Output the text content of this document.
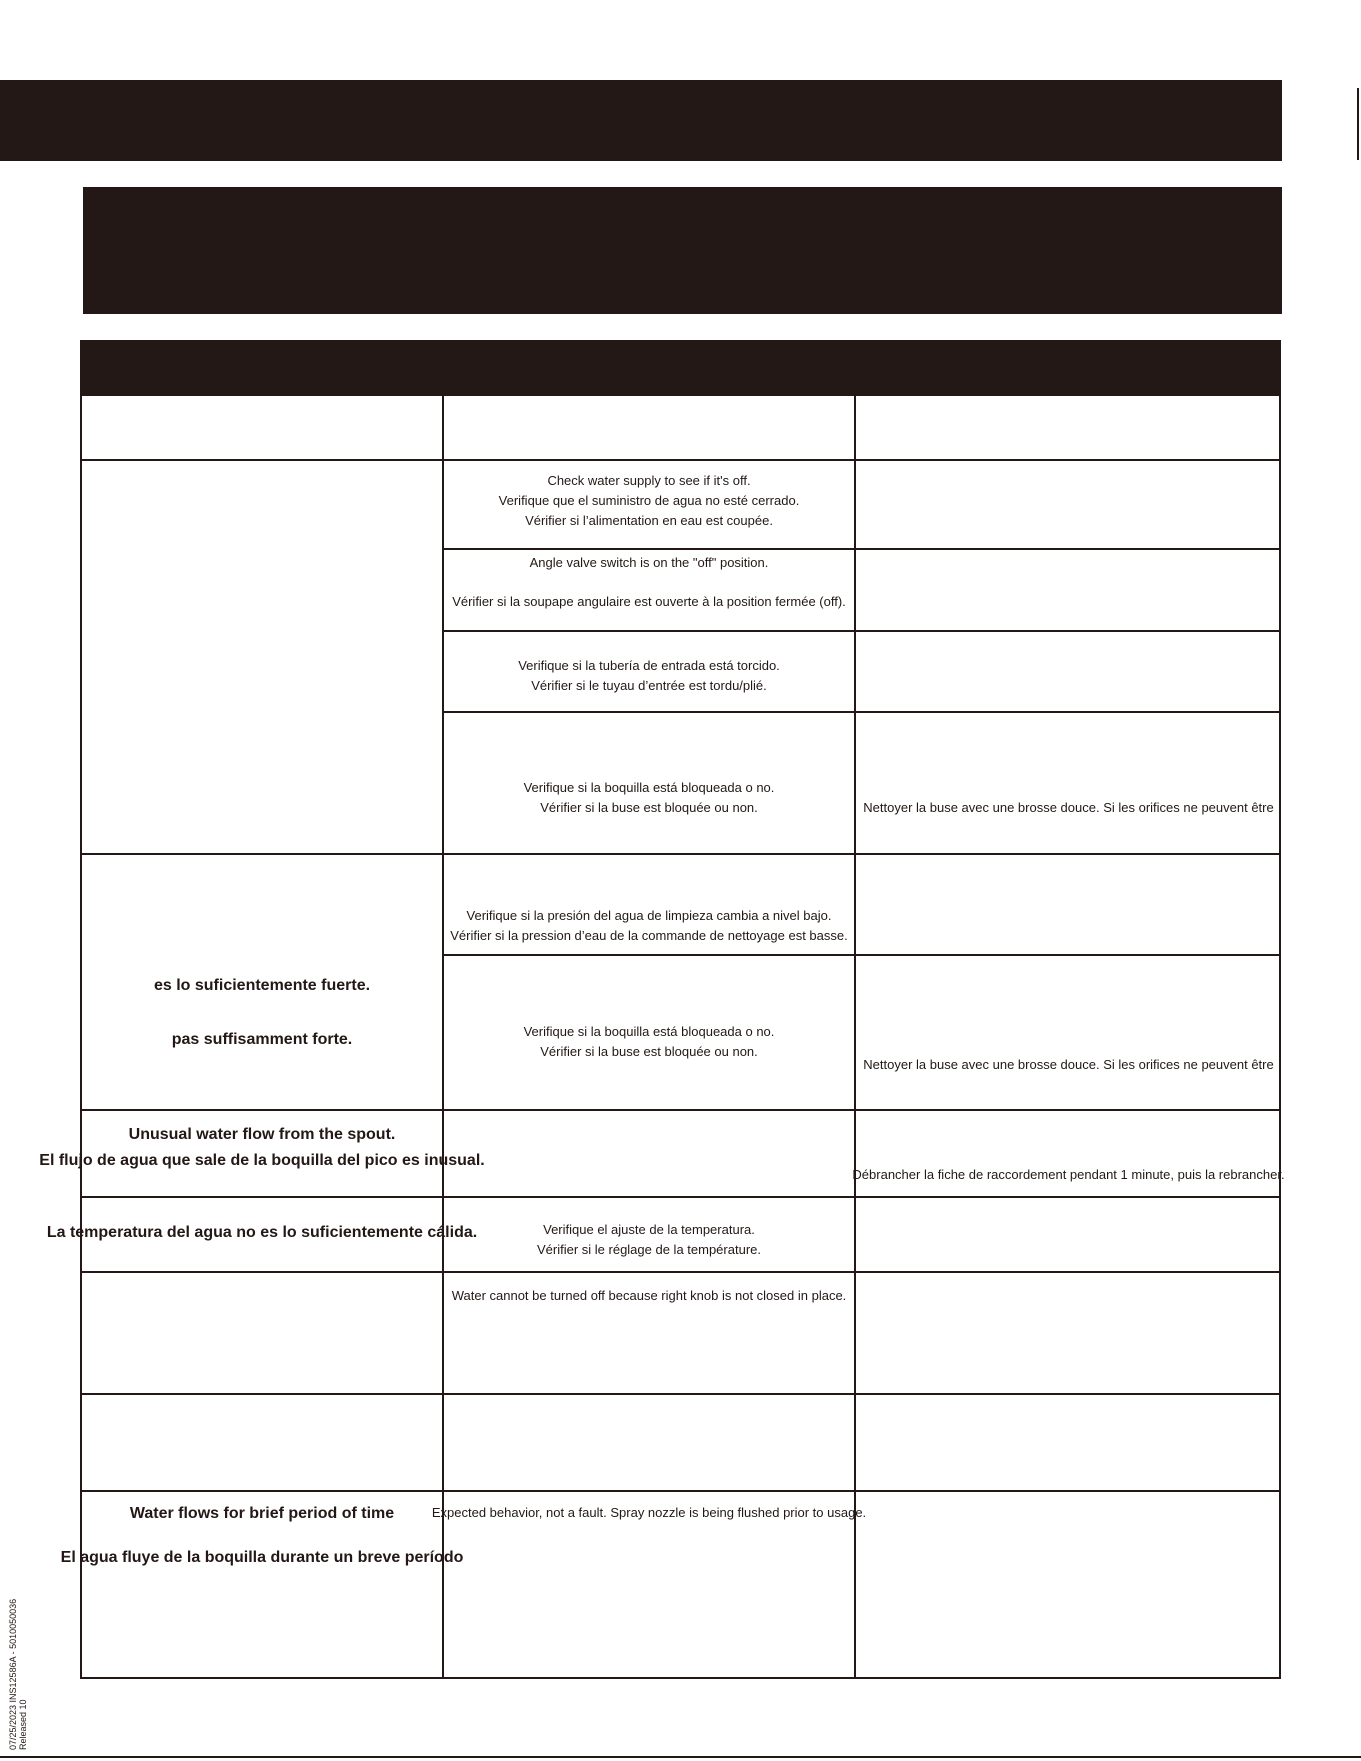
Check water supply to see if it's off.
Verifique que el suministro de agua no esté cerrado.
Vérifier si l’alimentation en eau est coupée.
Angle valve switch is on the "off" position.
Vérifier si la soupape angulaire est ouverte à la position fermée (off).
Verifique si la tubería de entrada está torcido.
Vérifier si le tuyau d’entrée est tordu/plié.
Verifique si la boquilla está bloqueada o no.
Vérifier si la buse est bloquée ou non.	Nettoyer la buse avec une brosse douce. Si les orifices ne peuvent être
es lo suficientemente fuerte.
pas suffisamment forte.
Verifique si la presión del agua de limpieza cambia a nivel bajo.
Vérifier si la pression d’eau de la commande de nettoyage est basse.
Verifique si la boquilla está bloqueada o no.
Vérifier si la buse est bloquée ou non.
Nettoyer la buse avec une brosse douce. Si les orifices ne peuvent être
Unusual water flow from the spout.
El flujo de agua que sale de la boquilla del pico es inusual.
Débrancher la fiche de raccordement pendant 1 minute, puis la rebrancher.
La temperatura del agua no es lo suficientemente cálida.	Verifique el ajuste de la temperatura.
Vérifier si le réglage de la température.
Water cannot be turned off because right knob is not closed in place.
Water flows for brief period of time
El agua fluye de la boquilla durante un breve período
Expected behavior, not a fault. Spray nozzle is being flushed prior to usage.
07/25/2023 INS12586A - 5010050036 Released 10
